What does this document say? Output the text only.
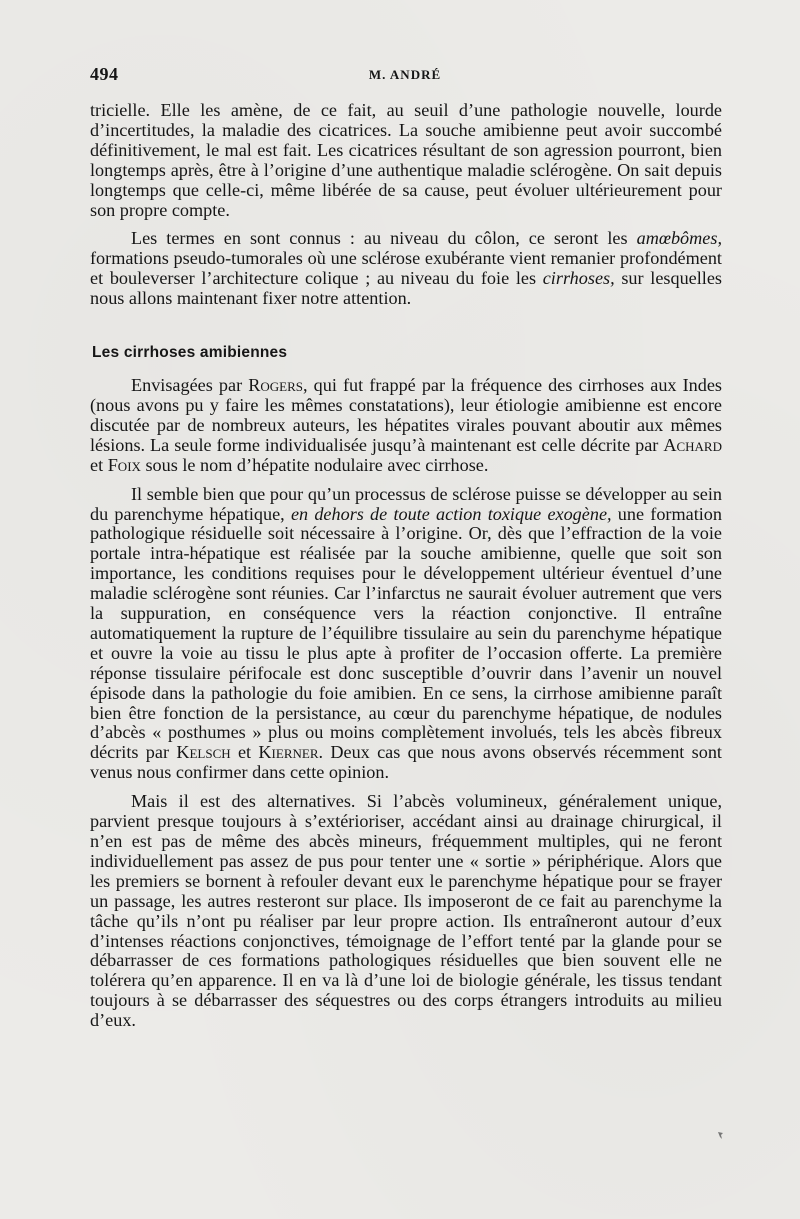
494	M. ANDRÉ

tricielle. Elle les amène, de ce fait, au seuil d’une pathologie nouvelle, lourde d’incertitudes, la maladie des cicatrices. La souche amibienne peut avoir succombé définitivement, le mal est fait. Les cicatrices résultant de son agression pourront, bien longtemps après, être à l’origine d’une authentique maladie sclérogène. On sait depuis longtemps que celle-ci, même libérée de sa cause, peut évoluer ultérieurement pour son propre compte.

Les termes en sont connus : au niveau du côlon, ce seront les amœbômes, formations pseudo-tumorales où une sclérose exubérante vient remanier profondément et bouleverser l’architecture colique ; au niveau du foie les cirrhoses, sur lesquelles nous allons maintenant fixer notre attention.

Les cirrhoses amibiennes

Envisagées par Rogers, qui fut frappé par la fréquence des cirrhoses aux Indes (nous avons pu y faire les mêmes constatations), leur étiologie amibienne est encore discutée par de nombreux auteurs, les hépatites virales pouvant aboutir aux mêmes lésions. La seule forme individualisée jusqu’à maintenant est celle décrite par Achard et Foix sous le nom d’hépatite nodulaire avec cirrhose.

Il semble bien que pour qu’un processus de sclérose puisse se développer au sein du parenchyme hépatique, en dehors de toute action toxique exogène, une formation pathologique résiduelle soit nécessaire à l’origine. Or, dès que l’effraction de la voie portale intra-hépatique est réalisée par la souche amibienne, quelle que soit son importance, les conditions requises pour le développement ultérieur éventuel d’une maladie sclérogène sont réunies. Car l’infarctus ne saurait évoluer autrement que vers la suppuration, en conséquence vers la réaction conjonctive. Il entraîne automatiquement la rupture de l’équilibre tissulaire au sein du parenchyme hépatique et ouvre la voie au tissu le plus apte à profiter de l’occasion offerte. La première réponse tissulaire périfocale est donc susceptible d’ouvrir dans l’avenir un nouvel épisode dans la pathologie du foie amibien. En ce sens, la cirrhose amibienne paraît bien être fonction de la persistance, au cœur du parenchyme hépatique, de nodules d’abcès « posthumes » plus ou moins complètement involués, tels les abcès fibreux décrits par Kelsch et Kierner. Deux cas que nous avons observés récemment sont venus nous confirmer dans cette opinion.

Mais il est des alternatives. Si l’abcès volumineux, généralement unique, parvient presque toujours à s’extérioriser, accédant ainsi au drainage chirurgical, il n’en est pas de même des abcès mineurs, fréquemment multiples, qui ne feront individuellement pas assez de pus pour tenter une « sortie » périphérique. Alors que les premiers se bornent à refouler devant eux le parenchyme hépatique pour se frayer un passage, les autres resteront sur place. Ils imposeront de ce fait au parenchyme la tâche qu’ils n’ont pu réaliser par leur propre action. Ils entraîneront autour d’eux d’intenses réactions conjonctives, témoignage de l’effort tenté par la glande pour se débarrasser de ces formations pathologiques résiduelles que bien souvent elle ne tolérera qu’en apparence. Il en va là d’une loi de biologie générale, les tissus tendant toujours à se débarrasser des séquestres ou des corps étrangers introduits au milieu d’eux.
